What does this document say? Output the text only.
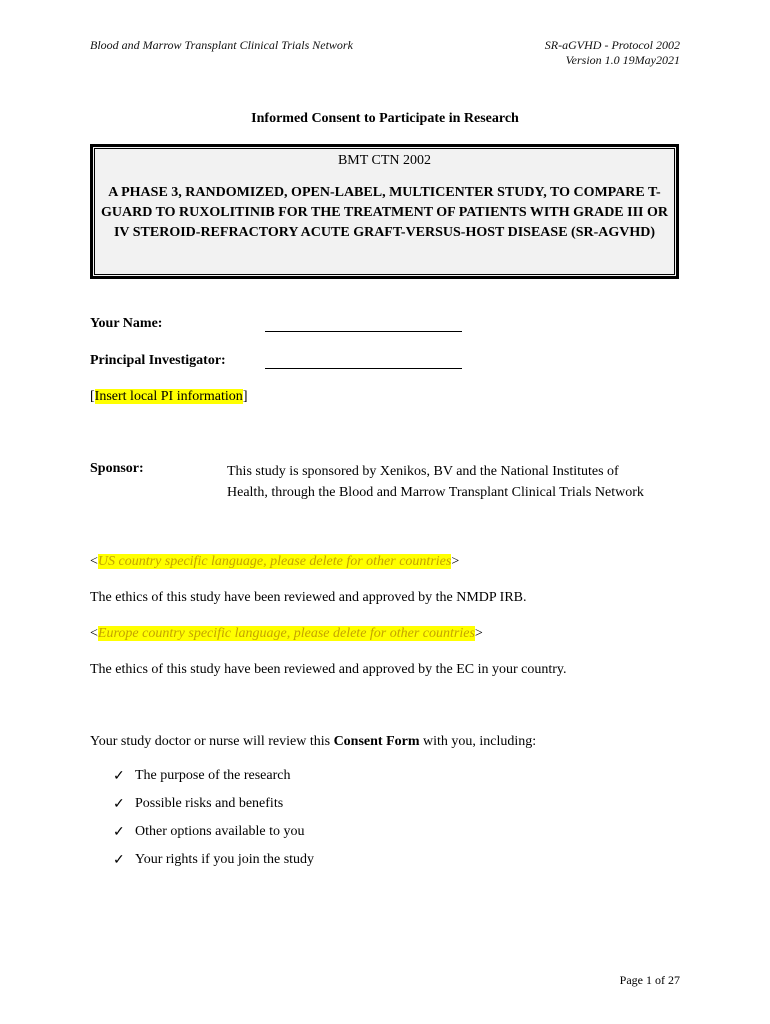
Blood and Marrow Transplant Clinical Trials Network	SR-aGVHD - Protocol 2002
Version 1.0 19May2021
Informed Consent to Participate in Research
BMT CTN 2002
A PHASE 3, RANDOMIZED, OPEN-LABEL, MULTICENTER STUDY, TO COMPARE T-GUARD TO RUXOLITINIB FOR THE TREATMENT OF PATIENTS WITH GRADE III OR IV STEROID-REFRACTORY ACUTE GRAFT-VERSUS-HOST DISEASE (SR-AGVHD)
Your Name:
Principal Investigator:
[Insert local PI information]
Sponsor:	This study is sponsored by Xenikos, BV and the National Institutes of
Health, through the Blood and Marrow Transplant Clinical Trials Network
<US country specific language, please delete for other countries>
The ethics of this study have been reviewed and approved by the NMDP IRB.
<Europe country specific language, please delete for other countries>
The ethics of this study have been reviewed and approved by the EC in your country.
Your study doctor or nurse will review this Consent Form with you, including:
✓ The purpose of the research
✓ Possible risks and benefits
✓ Other options available to you
✓ Your rights if you join the study
Page 1 of 27
